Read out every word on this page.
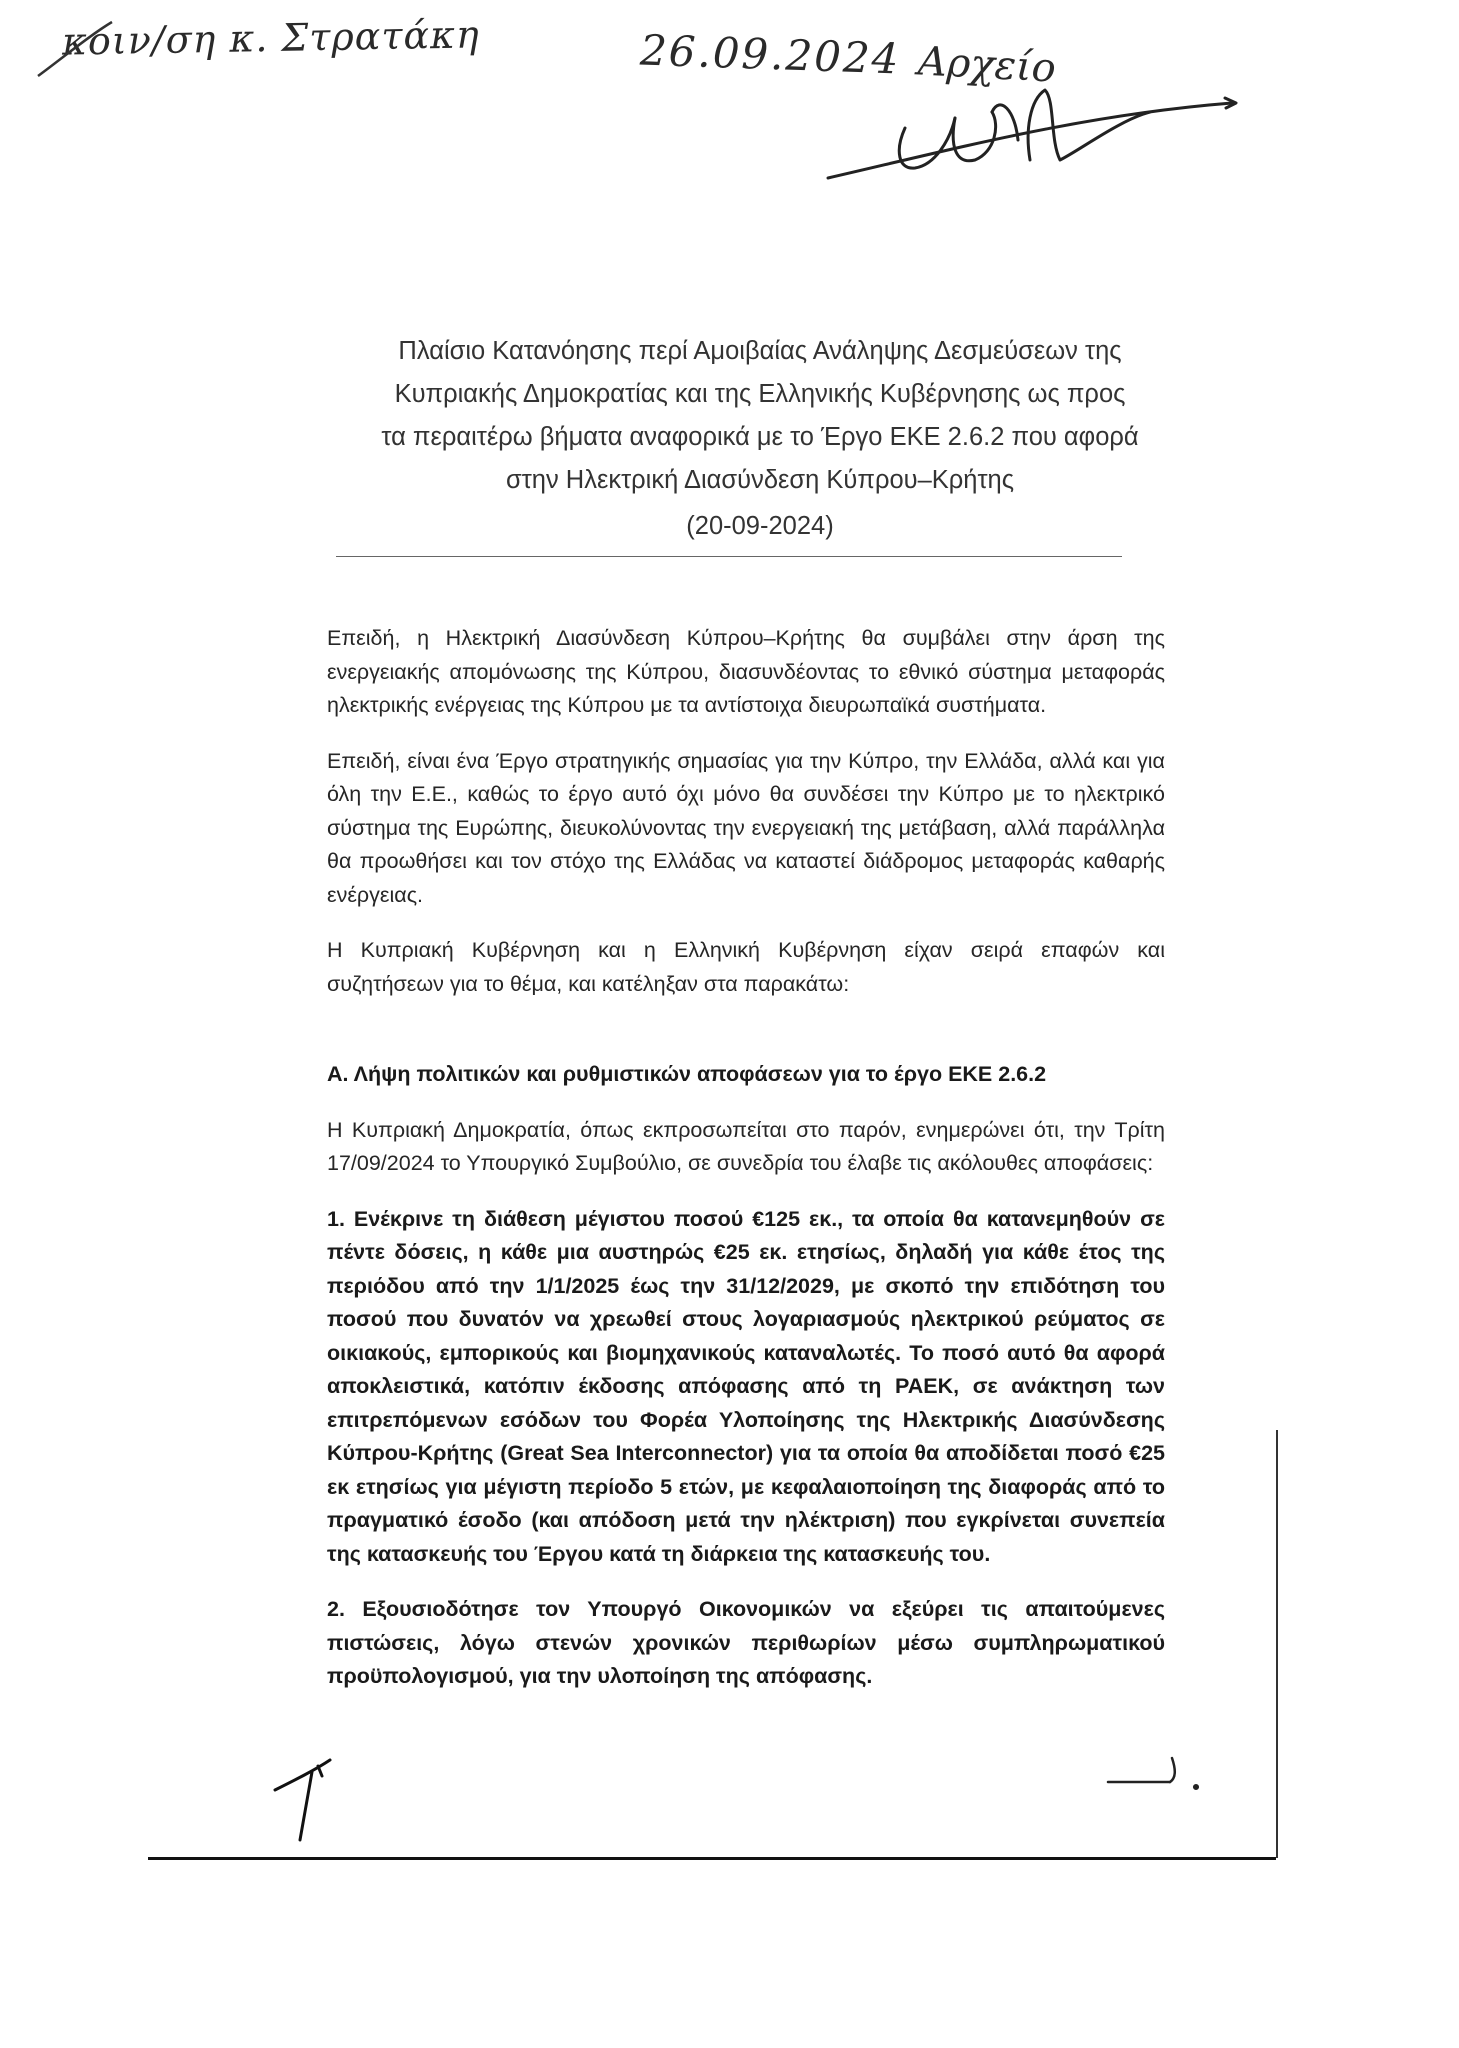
κοιν/ση κ. Στρατάκη	26.09.2024 Αρχείο
Πλαίσιο Κατανόησης περί Αμοιβαίας Ανάληψης Δεσμεύσεων της
Κυπριακής Δημοκρατίας και της Ελληνικής Κυβέρνησης ως προς
τα περαιτέρω βήματα αναφορικά με το Έργο ΕΚΕ 2.6.2 που αφορά
στην Ηλεκτρική Διασύνδεση Κύπρου–Κρήτης
(20-09-2024)

Επειδή, η Ηλεκτρική Διασύνδεση Κύπρου–Κρήτης θα συμβάλει στην άρση της ενεργειακής απομόνωσης της Κύπρου, διασυνδέοντας το εθνικό σύστημα μεταφοράς ηλεκτρικής ενέργειας της Κύπρου με τα αντίστοιχα διευρωπαϊκά συστήματα.

Επειδή, είναι ένα Έργο στρατηγικής σημασίας για την Κύπρο, την Ελλάδα, αλλά και για όλη την Ε.Ε., καθώς το έργο αυτό όχι μόνο θα συνδέσει την Κύπρο με το ηλεκτρικό σύστημα της Ευρώπης, διευκολύνοντας την ενεργειακή της μετάβαση, αλλά παράλληλα θα προωθήσει και τον στόχο της Ελλάδας να καταστεί διάδρομος μεταφοράς καθαρής ενέργειας.

Η Κυπριακή Κυβέρνηση και η Ελληνική Κυβέρνηση είχαν σειρά επαφών και συζητήσεων για το θέμα, και κατέληξαν στα παρακάτω:

Α. Λήψη πολιτικών και ρυθμιστικών αποφάσεων για το έργο ΕΚΕ 2.6.2

Η Κυπριακή Δημοκρατία, όπως εκπροσωπείται στο παρόν, ενημερώνει ότι, την Τρίτη 17/09/2024 το Υπουργικό Συμβούλιο, σε συνεδρία του έλαβε τις ακόλουθες αποφάσεις:

1. Ενέκρινε τη διάθεση μέγιστου ποσού €125 εκ., τα οποία θα κατανεμηθούν σε πέντε δόσεις, η κάθε μια αυστηρώς €25 εκ. ετησίως, δηλαδή για κάθε έτος της περιόδου από την 1/1/2025 έως την 31/12/2029, με σκοπό την επιδότηση του ποσού που δυνατόν να χρεωθεί στους λογαριασμούς ηλεκτρικού ρεύματος σε οικιακούς, εμπορικούς και βιομηχανικούς καταναλωτές. Το ποσό αυτό θα αφορά αποκλειστικά, κατόπιν έκδοσης απόφασης από τη ΡΑΕΚ, σε ανάκτηση των επιτρεπόμενων εσόδων του Φορέα Υλοποίησης της Ηλεκτρικής Διασύνδεσης Κύπρου-Κρήτης (Great Sea Interconnector) για τα οποία θα αποδίδεται ποσό €25 εκ ετησίως για μέγιστη περίοδο 5 ετών, με κεφαλαιοποίηση της διαφοράς από το πραγματικό έσοδο (και απόδοση μετά την ηλέκτριση) που εγκρίνεται συνεπεία της κατασκευής του Έργου κατά τη διάρκεια της κατασκευής του.

2. Εξουσιοδότησε τον Υπουργό Οικονομικών να εξεύρει τις απαιτούμενες πιστώσεις, λόγω στενών χρονικών περιθωρίων μέσω συμπληρωματικού προϋπολογισμού, για την υλοποίηση της απόφασης.
